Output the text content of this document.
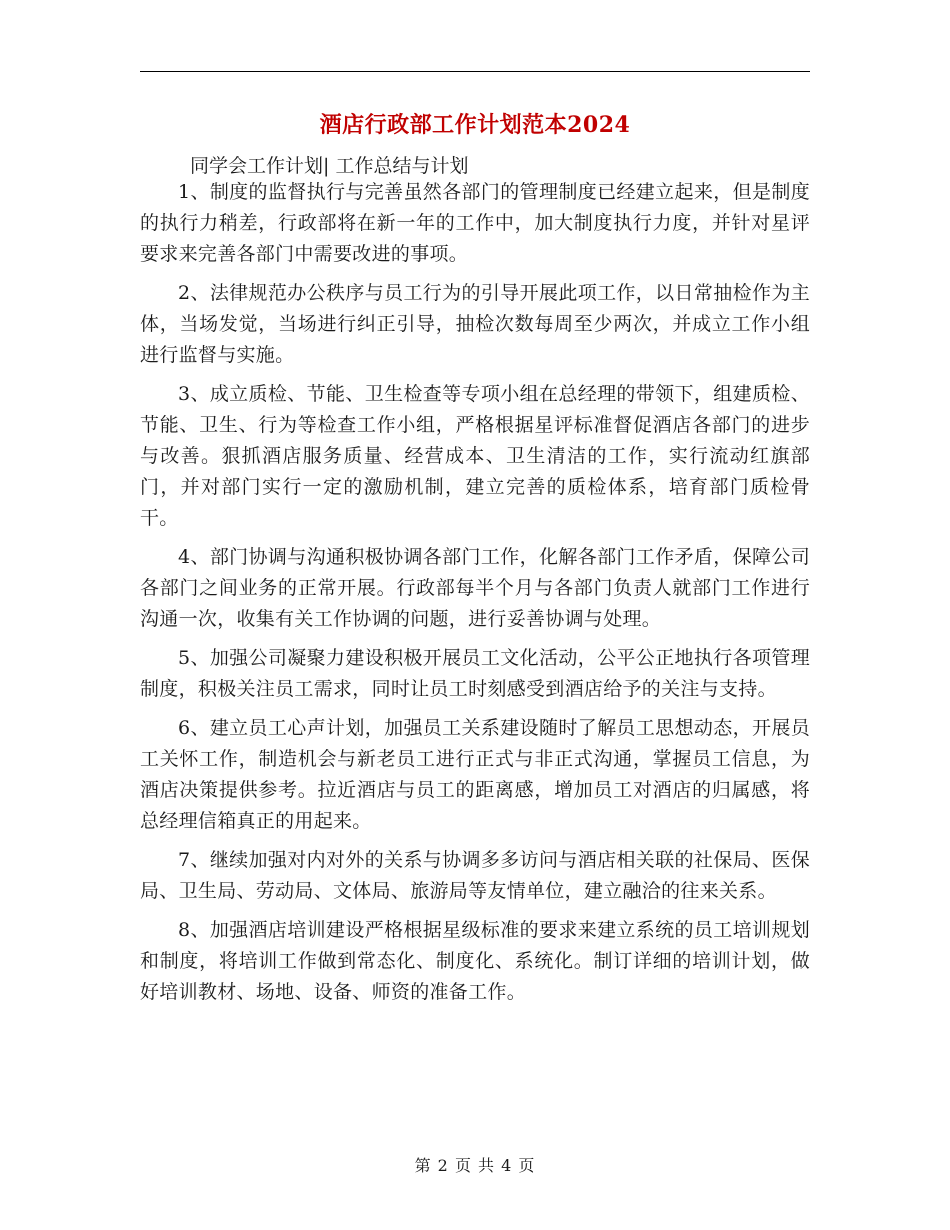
酒店行政部工作计划范本2024
同学会工作计划| 工作总结与计划

1、制度的监督执行与完善虽然各部门的管理制度已经建立起来，但是制度的执行力稍差，行政部将在新一年的工作中，加大制度执行力度，并针对星评要求来完善各部门中需要改进的事项。

2、法律规范办公秩序与员工行为的引导开展此项工作，以日常抽检作为主体，当场发觉，当场进行纠正引导，抽检次数每周至少两次，并成立工作小组进行监督与实施。

3、成立质检、节能、卫生检查等专项小组在总经理的带领下，组建质检、节能、卫生、行为等检查工作小组，严格根据星评标准督促酒店各部门的进步与改善。狠抓酒店服务质量、经营成本、卫生清洁的工作，实行流动红旗部门，并对部门实行一定的激励机制，建立完善的质检体系，培育部门质检骨干。

4、部门协调与沟通积极协调各部门工作，化解各部门工作矛盾，保障公司各部门之间业务的正常开展。行政部每半个月与各部门负责人就部门工作进行沟通一次，收集有关工作协调的问题，进行妥善协调与处理。

5、加强公司凝聚力建设积极开展员工文化活动，公平公正地执行各项管理制度，积极关注员工需求，同时让员工时刻感受到酒店给予的关注与支持。

6、建立员工心声计划，加强员工关系建设随时了解员工思想动态，开展员工关怀工作，制造机会与新老员工进行正式与非正式沟通，掌握员工信息，为酒店决策提供参考。拉近酒店与员工的距离感，增加员工对酒店的归属感，将总经理信箱真正的用起来。

7、继续加强对内对外的关系与协调多多访问与酒店相关联的社保局、医保局、卫生局、劳动局、文体局、旅游局等友情单位，建立融洽的往来关系。

8、加强酒店培训建设严格根据星级标准的要求来建立系统的员工培训规划和制度，将培训工作做到常态化、制度化、系统化。制订详细的培训计划，做好培训教材、场地、设备、师资的准备工作。

第 2 页 共 4 页
